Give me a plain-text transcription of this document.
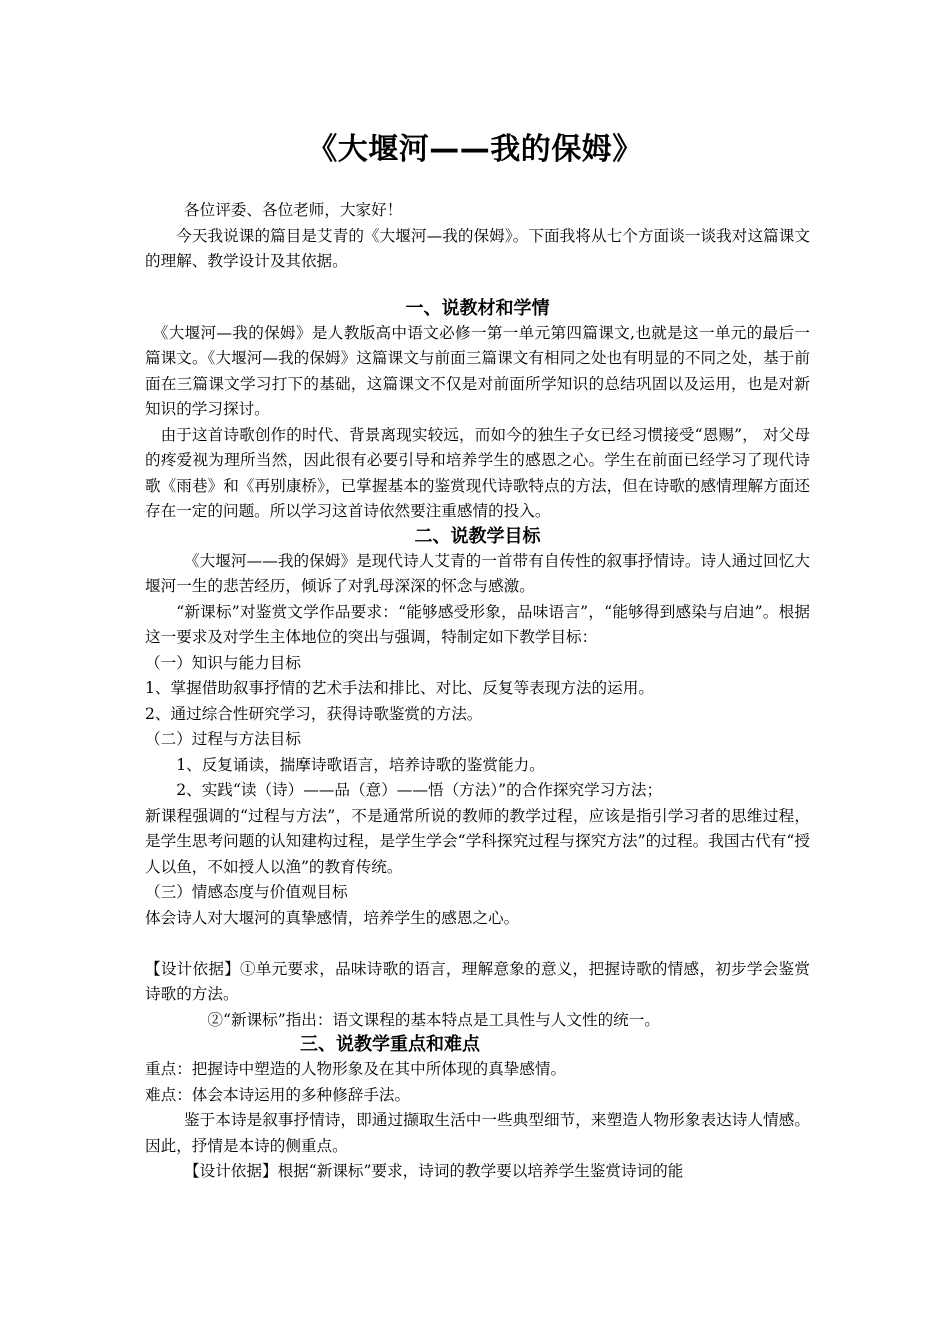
《大堰河——我的保姆》

各位评委、各位老师，大家好！

今天我说课的篇目是艾青的《大堰河—我的保姆》。下面我将从七个方面谈一谈我对这篇课文的理解、教学设计及其依据。

一、说教材和学情

《大堰河—我的保姆》是人教版高中语文必修一第一单元第四篇课文,也就是这一单元的最后一篇课文。《大堰河—我的保姆》这篇课文与前面三篇课文有相同之处也有明显的不同之处，基于前面在三篇课文学习打下的基础，这篇课文不仅是对前面所学知识的总结巩固以及运用，也是对新知识的学习探讨。

由于这首诗歌创作的时代、背景离现实较远，而如今的独生子女已经习惯接受“恩赐”， 对父母的疼爱视为理所当然，因此很有必要引导和培养学生的感恩之心。学生在前面已经学习了现代诗歌《雨巷》和《再别康桥》，已掌握基本的鉴赏现代诗歌特点的方法，但在诗歌的感情理解方面还存在一定的问题。所以学习这首诗依然要注重感情的投入。

二、说教学目标

《大堰河——我的保姆》是现代诗人艾青的一首带有自传性的叙事抒情诗。诗人通过回忆大堰河一生的悲苦经历，倾诉了对乳母深深的怀念与感激。

“新课标”对鉴赏文学作品要求：“能够感受形象，品味语言”，“能够得到感染与启迪”。根据这一要求及对学生主体地位的突出与强调，特制定如下教学目标：

（一）知识与能力目标

1、掌握借助叙事抒情的艺术手法和排比、对比、反复等表现方法的运用。

2、通过综合性研究学习，获得诗歌鉴赏的方法。

（二）过程与方法目标

1、反复诵读，揣摩诗歌语言，培养诗歌的鉴赏能力。

2、实践“读（诗）——品（意）——悟（方法）”的合作探究学习方法；

新课程强调的“过程与方法”，不是通常所说的教师的教学过程，应该是指引学习者的思维过程，是学生思考问题的认知建构过程，是学生学会“学科探究过程与探究方法”的过程。我国古代有“授人以鱼，不如授人以渔”的教育传统。

（三）情感态度与价值观目标

体会诗人对大堰河的真挚感情，培养学生的感恩之心。

【设计依据】①单元要求，品味诗歌的语言，理解意象的意义，把握诗歌的情感，初步学会鉴赏诗歌的方法。

②“新课标”指出：语文课程的基本特点是工具性与人文性的统一。

三、说教学重点和难点

重点：把握诗中塑造的人物形象及在其中所体现的真挚感情。

难点：体会本诗运用的多种修辞手法。

鉴于本诗是叙事抒情诗，即通过撷取生活中一些典型细节，来塑造人物形象表达诗人情感。因此，抒情是本诗的侧重点。

【设计依据】根据“新课标”要求，诗词的教学要以培养学生鉴赏诗词的能
